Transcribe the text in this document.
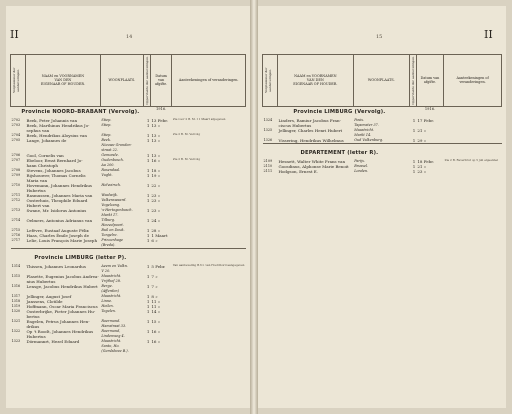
II	14
Volgnummer der aanbevelingen.	NAAM en VOORNAMEN
VAN DEN
EIGENAAR OF HOUDER.	WOONPLAATS.	Oppervlakte der aanbevelingen.	Datum van afgifte.	Aanteekeningen of veranderingen.
Provincie NOORD-BRABANT (Vervolg).				1916.	
2702	Beek, Peter Johannis van	Stiep.	1	13 Febr.	Zie voor 2 B. M. I 1 Maart afgegeven
2703	Beek, Marthinus Hendrikus Jo-	Stiep.	1	13 »	
	sephus van				
2704	Beek, Hendrikus Aloysius van	Stiep.	1	13 »	Zie 2 B. M. Vervolg
2705	Lange, Johannes de	Beek.	1	13 »	
		Nieuwe Gronden-			
		straat 22.			
2706	Gool, Cornelis van	Gemonde.	1	13 »	
2707	Ebeloor, Ernst Bernhard Jo-	Oudenbosch.	1	16 »	Zie 2 B. M. Vervolg
	hann Christoph	Aa 200.			
2708	Stevens, Johannes Jacobus	Rosendaal.	1	18 »	
2709	Rijshouwer, Thomas Cornelis	Vught.	1	19 »	
	Maria van				
2710	Hovemann, Johannes Hendrikus	Helvoirsch.	1	22 »	
	Hubertus				
2711	Rasmussen, Johannes Maria van	Waalwijk.	1	23 »	
2712	Oosterhuis, Theophile Eduard	Valkenswaard.	1	23 »	
	Hubert van	Vogelzang.			
2713	Swane, Mr. Isidorus Antonius	's-Hertogenbosch.	1	23 »	
		Markt 17.			
2714	Oelmers, Antonius Adrianus van	Tilburg.	1	24 »	
		Heuvelpoort.			
2715	Lefèvre, Eustaaf Auguste Félix	Buil en Deuk.	1	28 »	
2716	Haas, Charles Émile Joseph de	Tongelre.	1	1 Maart	
2717	Lelie, Louis François Marie Joseph	Princenhage	1	6 »	
		(Breda).			

Provincie LIMBURG (letter P).					
1314	Thissen, Johannes Leonardus	Aeem en Valkn.	1	5 Febr.	Van aanbeveling B.V.I. van Hoofdbord aangegeven
		V 20.			
1315	Plasette, Eugenius Jacobus Andrea-	Maastricht.	1	7 »	
	nius Hubertus	Vrijthof 28.			
1316	Lensge, Jacobus Hendrikus Hubert	Berge.	1	7 »	
		(Afferden)			
1317	Jellinger, August Josef	Maastricht.	1	8 »	
1318	Janssens, Clotilde	Linne.	1	11 »	
1319	Hoffmann, Oscar Maria Franciscus	Heilen.	1	11 »	
1320	Oosterbrijke, Pieter Johannes Hu-	Tegelen.	1	14 »	
	bertus				
1321	Engelen, Petrus Johannes Hen-	Roermond.	1	15 »	
	drikus	Hamstraat 33.			
1322	Op 't Roodt, Johannes Hendrikus	Roermond,	1	16 »	
	Hubertus	Lindenweg 4.			
1323	Dörmannrt, Hezel Eduard	Maastricht.	1	16 »	
		Santo, Ho.			
		(Gemlsbove B.).			
15	II
Volgnummer der aanbevelingen.	NAAM en VOORNAMEN
VAN DEN
EIGENAAR OF HOUDER.	WOONPLAATS.	Oppervlakte der aanbevelingen.	Datum van afgifte.	Aanteekeningen of veranderingen.
Provincie LIMBURG (Vervolg).				1916.	
1324	Linders, Ramiur Jacobus Fran-	Posis.	1	17 Febr.	
	ciscus Hubertus	Tapemster 37.			
1325	Jellinger, Charles Henri Hubert	Maastricht.	1	21 »	
		Markt 14.			
1326	Vissering, Hendrikus Wilhelmus	Oud Valkenburg.	1	29 »	

DEPARTEMENT (letter R).					
2109	Hesnett, Walter White Frans van	Parijs.	1	18 Febr.	Zie 2 B. Reverbrut op 5 juli enjeenbel
2110	Goosdinus, Alphonse Marie Benoit	Brussel.	1	21 »	
2111	Hodgson, Ernest E.	Londen.	1	23 »	
